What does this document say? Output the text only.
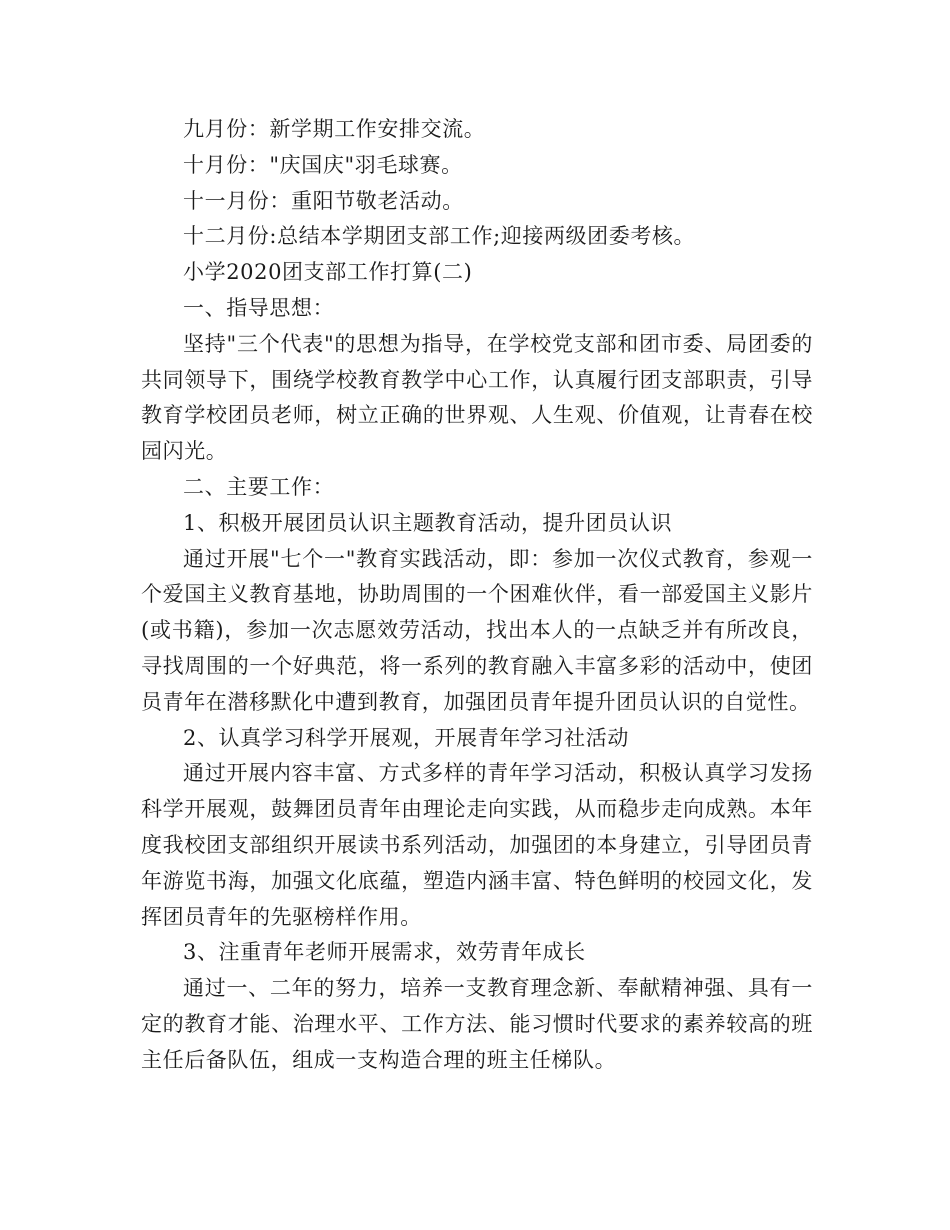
九月份：新学期工作安排交流。

十月份："庆国庆"羽毛球赛。

十一月份：重阳节敬老活动。

十二月份:总结本学期团支部工作;迎接两级团委考核。

小学2020团支部工作打算(二)

一、指导思想：

坚持"三个代表"的思想为指导，在学校党支部和团市委、局团委的共同领导下，围绕学校教育教学中心工作，认真履行团支部职责，引导教育学校团员老师，树立正确的世界观、人生观、价值观，让青春在校园闪光。

二、主要工作：

1、积极开展团员认识主题教育活动，提升团员认识

通过开展"七个一"教育实践活动，即：参加一次仪式教育，参观一个爱国主义教育基地，协助周围的一个困难伙伴，看一部爱国主义影片(或书籍)，参加一次志愿效劳活动，找出本人的一点缺乏并有所改良，寻找周围的一个好典范，将一系列的教育融入丰富多彩的活动中，使团员青年在潜移默化中遭到教育，加强团员青年提升团员认识的自觉性。

2、认真学习科学开展观，开展青年学习社活动

通过开展内容丰富、方式多样的青年学习活动，积极认真学习发扬科学开展观，鼓舞团员青年由理论走向实践，从而稳步走向成熟。本年度我校团支部组织开展读书系列活动，加强团的本身建立，引导团员青年游览书海，加强文化底蕴，塑造内涵丰富、特色鲜明的校园文化，发挥团员青年的先驱榜样作用。

3、注重青年老师开展需求，效劳青年成长

通过一、二年的努力，培养一支教育理念新、奉献精神强、具有一定的教育才能、治理水平、工作方法、能习惯时代要求的素养较高的班主任后备队伍，组成一支构造合理的班主任梯队。
